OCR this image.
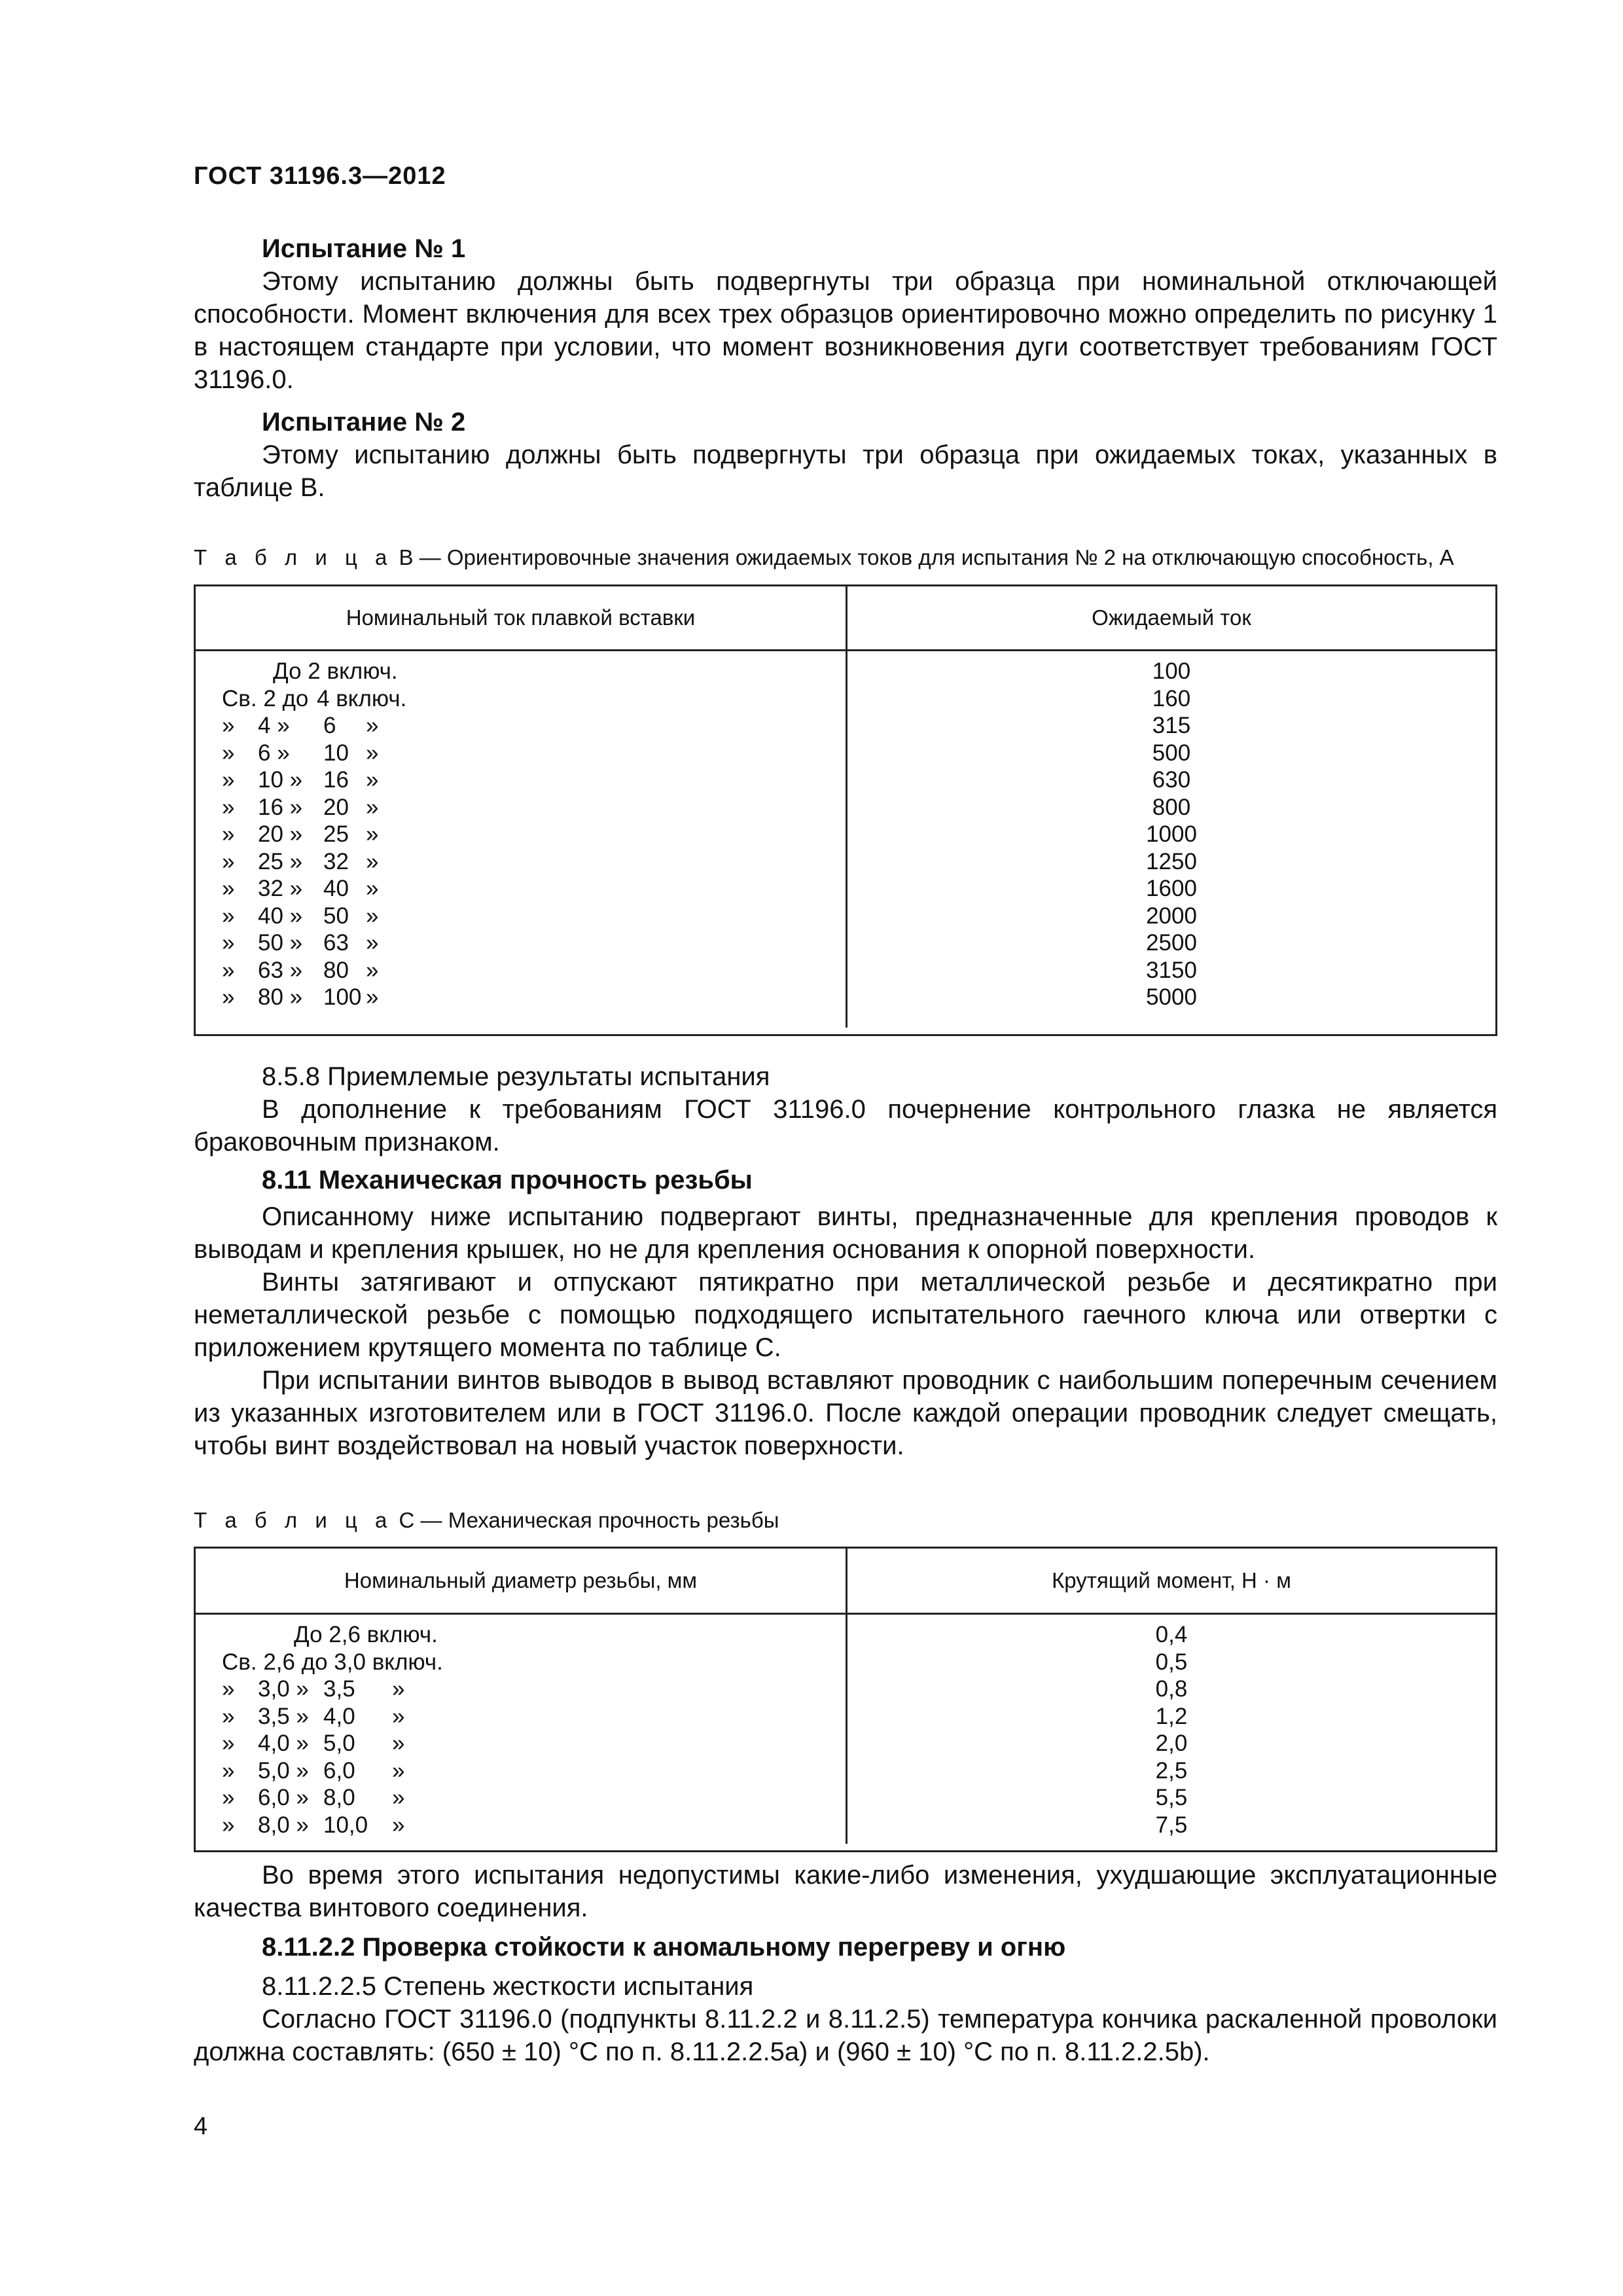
ГОСТ 31196.3—2012

Испытание № 1

Этому испытанию должны быть подвергнуты три образца при номинальной отключающей способности. Момент включения для всех трех образцов ориентировочно можно определить по рисунку 1 в настоящем стандарте при условии, что момент возникновения дуги соответствует требованиям ГОСТ 31196.0.

Испытание № 2

Этому испытанию должны быть подвергнуты три образца при ожидаемых токах, указанных в таблице B.

Т а б л и ц а B — Ориентировочные значения ожидаемых токов для испытания № 2 на отключающую способность, А
Номинальный ток плавкой вставки	Ожидаемый ток
До 2 включ.
Св. 2 до 4 включ.
» 4 » 6 »
» 6 » 10 »
» 10 » 16 »
» 16 » 20 »
» 20 » 25 »
» 25 » 32 »
» 32 » 40 »
» 40 » 50 »
» 50 » 63 »
» 63 » 80 »
» 80 » 100 »
100
160
315
500
630
800
1000
1250
1600
2000
2500
3150
5000

8.5.8 Приемлемые результаты испытания

В дополнение к требованиям ГОСТ 31196.0 почернение контрольного глазка не является браковочным признаком.

8.11 Механическая прочность резьбы

Описанному ниже испытанию подвергают винты, предназначенные для крепления проводов к выводам и крепления крышек, но не для крепления основания к опорной поверхности.

Винты затягивают и отпускают пятикратно при металлической резьбе и десятикратно при неметаллической резьбе с помощью подходящего испытательного гаечного ключа или отвертки с приложением крутящего момента по таблице С.

При испытании винтов выводов в вывод вставляют проводник с наибольшим поперечным сечением из указанных изготовителем или в ГОСТ 31196.0. После каждой операции проводник следует смещать, чтобы винт воздействовал на новый участок поверхности.

Т а б л и ц а С — Механическая прочность резьбы
Номинальный диаметр резьбы, мм	Крутящий момент, Н · м
До 2,6 включ.
Св. 2,6 до 3,0 включ.
» 3,0 » 3,5 »
» 3,5 » 4,0 »
» 4,0 » 5,0 »
» 5,0 » 6,0 »
» 6,0 » 8,0 »
» 8,0 » 10,0 »
0,4
0,5
0,8
1,2
2,0
2,5
5,5
7,5

Во время этого испытания недопустимы какие-либо изменения, ухудшающие эксплуатационные качества винтового соединения.

8.11.2.2 Проверка стойкости к аномальному перегреву и огню

8.11.2.2.5 Степень жесткости испытания

Согласно ГОСТ 31196.0 (подпункты 8.11.2.2 и 8.11.2.5) температура кончика раскаленной проволоки должна составлять: (650 ± 10) °С по п. 8.11.2.2.5а) и (960 ± 10) °С по п. 8.11.2.2.5b).

4
